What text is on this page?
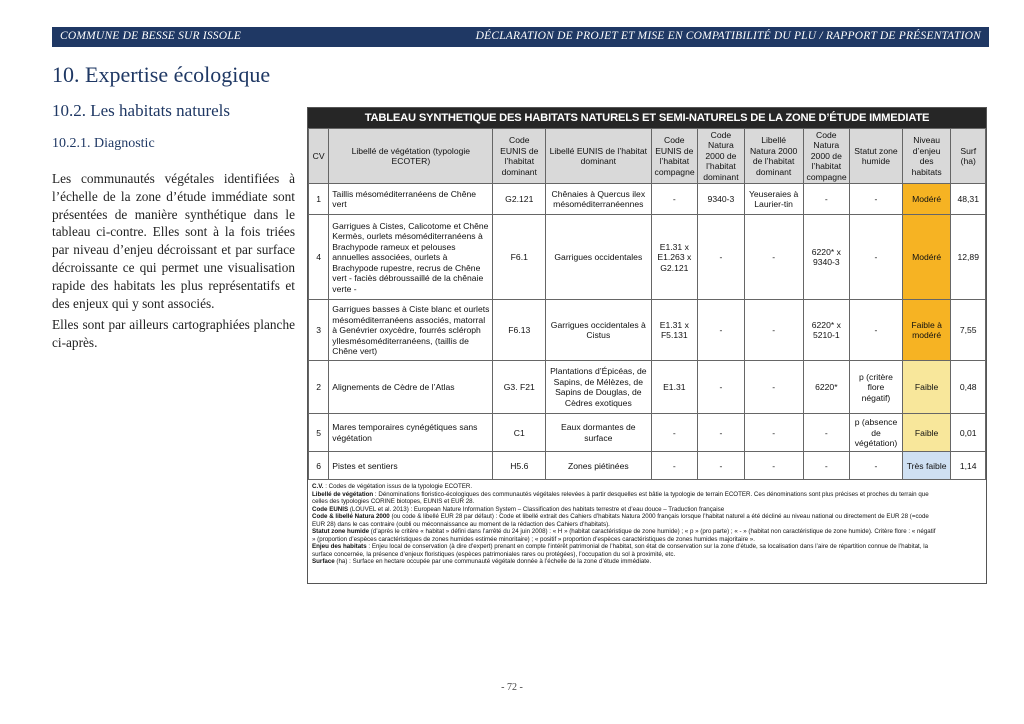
COMMUNE DE BESSE SUR ISSOLE	DÉCLARATION DE PROJET ET MISE EN COMPATIBILITÉ DU PLU / RAPPORT DE PRÉSENTATION
10. Expertise écologique
10.2. Les habitats naturels
10.2.1. Diagnostic

Les communautés végétales identifiées à l’échelle de la zone d’étude immédiate sont présentées de manière synthétique dans le tableau ci-contre. Elles sont à la fois triées par niveau d’enjeu décroissant et par surface décroissante ce qui permet une visualisation rapide des habitats les plus représentatifs et des enjeux qui y sont associés.

Elles sont par ailleurs cartographiées planche ci-après.

TABLEAU SYNTHETIQUE DES HABITATS NATURELS ET SEMI-NATURELS DE LA ZONE D’ÉTUDE IMMEDIATE
CV	Libellé de végétation (typologie ECOTER)	Code EUNIS de l’habitat dominant	Libellé EUNIS de l’habitat dominant	Code EUNIS de l’habitat compagne	Code Natura 2000 de l’habitat dominant	Libellé Natura 2000 de l’habitat dominant	Code Natura 2000 de l’habitat compagne	Statut zone humide	Niveau d’enjeu des habitats	Surf (ha)
1	Taillis mésoméditerranéens de Chêne vert	G2.121	Chênaies à Quercus ilex mésoméditerranéennes	-	9340-3	Yeuseraies à Laurier-tin	-	-	Modéré	48,31
4	Garrigues à Cistes, Calicotome et Chêne Kermès, ourlets mésoméditerranéens à Brachypode rameux et pelouses annuelles associées, ourlets à Brachypode rupestre, recrus de Chêne vert - faciès débroussaillé de la chênaie verte -	F6.1	Garrigues occidentales	E1.31 x E1.263 x G2.121	-	-	6220* x 9340-3	-	Modéré	12,89
3	Garrigues basses à Ciste blanc et ourlets mésoméditerranéens associés, matorral à Genévrier oxycèdre, fourrés scléroph yllesmésoméditerranéens, (taillis de Chêne vert)	F6.13	Garrigues occidentales à Cistus	E1.31 x F5.131	-	-	6220* x 5210-1	-	Faible à modéré	7,55
2	Alignements de Cèdre de l’Atlas	G3. F21	Plantations d’Épicéas, de Sapins, de Mélèzes, de Sapins de Douglas, de Cèdres exotiques	E1.31	-	-	6220*	p (critère flore négatif)	Faible	0,48
5	Mares temporaires cynégétiques sans végétation	C1	Eaux dormantes de surface	-	-	-	-	p (absence de végétation)	Faible	0,01
6	Pistes et sentiers	H5.6	Zones piétinées	-	-	-	-	-	Très faible	1,14
C.V. : Codes de végétation issus de la typologie ECOTER.
Libellé de végétation : Dénominations floristico-écologiques des communautés végétales relevées à partir desquelles est bâtie la typologie de terrain ECOTER. Ces dénominations sont plus précises et proches du terrain que
celles des typologies CORINE biotopes, EUNIS et EUR 28.
Code EUNIS (LOUVEL et al. 2013) : European Nature Information System – Classification des habitats terrestre et d’eau douce – Traduction française
Code & libellé Natura 2000 (ou code & libellé EUR 28 par défaut) : Code et libellé extrait des Cahiers d’habitats Natura 2000 français lorsque l’habitat naturel a été décliné au niveau national ou directement de EUR 28 (=code
EUR 28) dans le cas contraire (oubli ou méconnaissance au moment de la rédaction des Cahiers d’habitats).
Statut zone humide (d’après le critère « habitat » défini dans l’arrêté du 24 juin 2008) : « H » (habitat caractéristique de zone humide) ; « p » (pro parte) ; « - » (habitat non caractéristique de zone humide). Critère flore : « négatif
» (proportion d’espèces caractéristiques de zones humides estimée minoritaire) ; « positif » proportion d’espèces caractéristiques de zones humides majoritaire ».
Enjeu des habitats : Enjeu local de conservation (à dire d’expert) prenant en compte l’intérêt patrimonial de l’habitat, son état de conservation sur la zone d’étude, sa localisation dans l’aire de répartition connue de l’habitat, la
surface concernée, la présence d’enjeux floristiques (espèces patrimoniales rares ou protégées), l’occupation du sol à proximité, etc.
Surface (ha) : Surface en hectare occupée par une communauté végétale donnée à l’échelle de la zone d’étude immédiate.
- 72 -
